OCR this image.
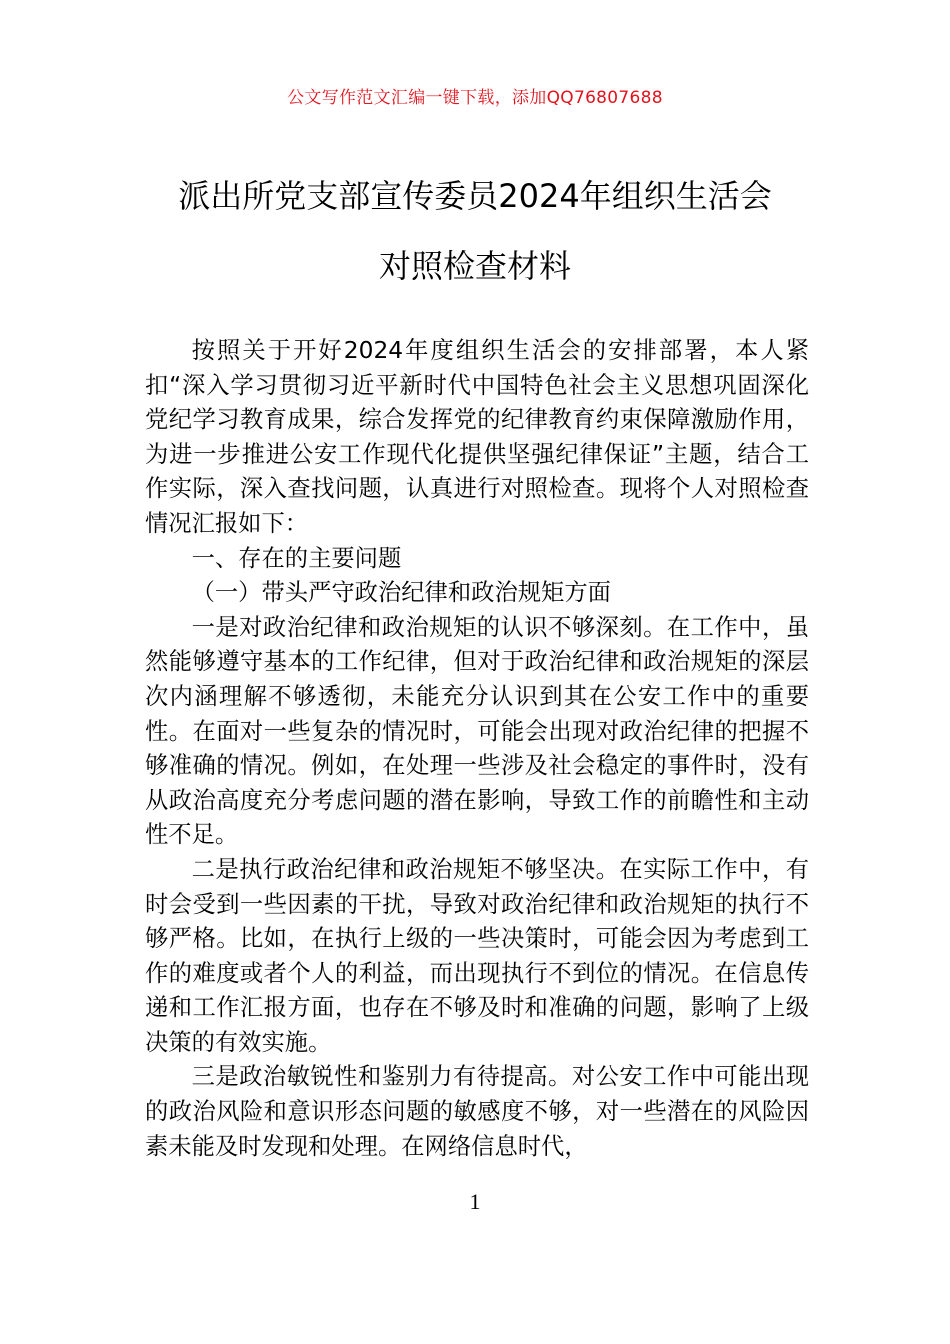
公文写作范文汇编一键下载，添加QQ76807688
派出所党支部宣传委员2024年组织生活会
对照检查材料

按照关于开好2024年度组织生活会的安排部署，本人紧扣“深入学习贯彻习近平新时代中国特色社会主义思想巩固深化党纪学习教育成果，综合发挥党的纪律教育约束保障激励作用，为进一步推进公安工作现代化提供坚强纪律保证”主题，结合工作实际，深入查找问题，认真进行对照检查。现将个人对照检查情况汇报如下：

一、存在的主要问题

（一）带头严守政治纪律和政治规矩方面

一是对政治纪律和政治规矩的认识不够深刻。在工作中，虽然能够遵守基本的工作纪律，但对于政治纪律和政治规矩的深层次内涵理解不够透彻，未能充分认识到其在公安工作中的重要性。在面对一些复杂的情况时，可能会出现对政治纪律的把握不够准确的情况。例如，在处理一些涉及社会稳定的事件时，没有从政治高度充分考虑问题的潜在影响，导致工作的前瞻性和主动性不足。

二是执行政治纪律和政治规矩不够坚决。在实际工作中，有时会受到一些因素的干扰，导致对政治纪律和政治规矩的执行不够严格。比如，在执行上级的一些决策时，可能会因为考虑到工作的难度或者个人的利益，而出现执行不到位的情况。在信息传递和工作汇报方面，也存在不够及时和准确的问题，影响了上级决策的有效实施。

三是政治敏锐性和鉴别力有待提高。对公安工作中可能出现的政治风险和意识形态问题的敏感度不够，对一些潜在的风险因素未能及时发现和处理。在网络信息时代，

1
